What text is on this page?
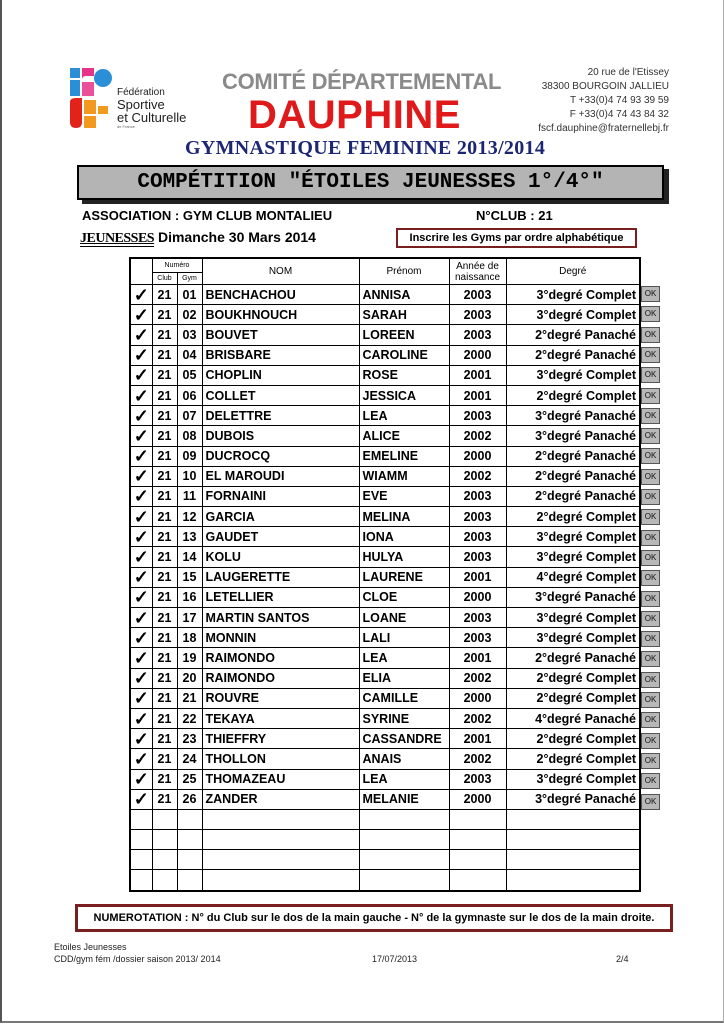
Fédération
Sportive
et Culturelle
de France
COMITÉ DÉPARTEMENTAL
DAUPHINE
GYMNASTIQUE FEMININE 2013/2014
20 rue de l'Etissey
38300 BOURGOIN JALLIEU
T +33(0)4 74 93 39 59
F +33(0)4 74 43 84 32
fscf.dauphine@fraternellebj.fr
COMPÉTITION "ÉTOILES JEUNESSES 1°/4°"
ASSOCIATION : GYM CLUB MONTALIEU	N°CLUB : 21
JEUNESSES Dimanche 30 Mars 2014	Inscrire les Gyms par ordre alphabétique
	Numéro		NOM	Prénom	Année de naissance	Degré
	Club	Gym				
✓	21	01	BENCHACHOU	ANNISA	2003	3°degré Complet
✓	21	02	BOUKHNOUCH	SARAH	2003	3°degré Complet
✓	21	03	BOUVET	LOREEN	2003	2°degré Panaché
✓	21	04	BRISBARE	CAROLINE	2000	2°degré Panaché
✓	21	05	CHOPLIN	ROSE	2001	3°degré Complet
✓	21	06	COLLET	JESSICA	2001	2°degré Complet
✓	21	07	DELETTRE	LEA	2003	3°degré Panaché
✓	21	08	DUBOIS	ALICE	2002	3°degré Panaché
✓	21	09	DUCROCQ	EMELINE	2000	2°degré Panaché
✓	21	10	EL MAROUDI	WIAMM	2002	2°degré Panaché
✓	21	11	FORNAINI	EVE	2003	2°degré Panaché
✓	21	12	GARCIA	MELINA	2003	2°degré Complet
✓	21	13	GAUDET	IONA	2003	3°degré Complet
✓	21	14	KOLU	HULYA	2003	3°degré Complet
✓	21	15	LAUGERETTE	LAURENE	2001	4°degré Complet
✓	21	16	LETELLIER	CLOE	2000	3°degré Panaché
✓	21	17	MARTIN SANTOS	LOANE	2003	3°degré Complet
✓	21	18	MONNIN	LALI	2003	3°degré Complet
✓	21	19	RAIMONDO	LEA	2001	2°degré Panaché
✓	21	20	RAIMONDO	ELIA	2002	2°degré Complet
✓	21	21	ROUVRE	CAMILLE	2000	2°degré Complet
✓	21	22	TEKAYA	SYRINE	2002	4°degré Panaché
✓	21	23	THIEFFRY	CASSANDRE	2001	2°degré Complet
✓	21	24	THOLLON	ANAIS	2002	2°degré Complet
✓	21	25	THOMAZEAU	LEA	2003	3°degré Complet
✓	21	26	ZANDER	MELANIE	2000	3°degré Panaché

OK
OK
OK
OK
OK
OK
OK
OK
OK
OK
OK
OK
OK
OK
OK
OK
OK
OK
OK
OK
OK
OK
OK
OK
OK
OK
NUMEROTATION : N° du Club sur le dos de la main gauche - N° de la gymnaste sur le dos de la main droite.
Etoiles Jeunesses
CDD/gym fém /dossier saison 2013/ 2014	17/07/2013	2/4
